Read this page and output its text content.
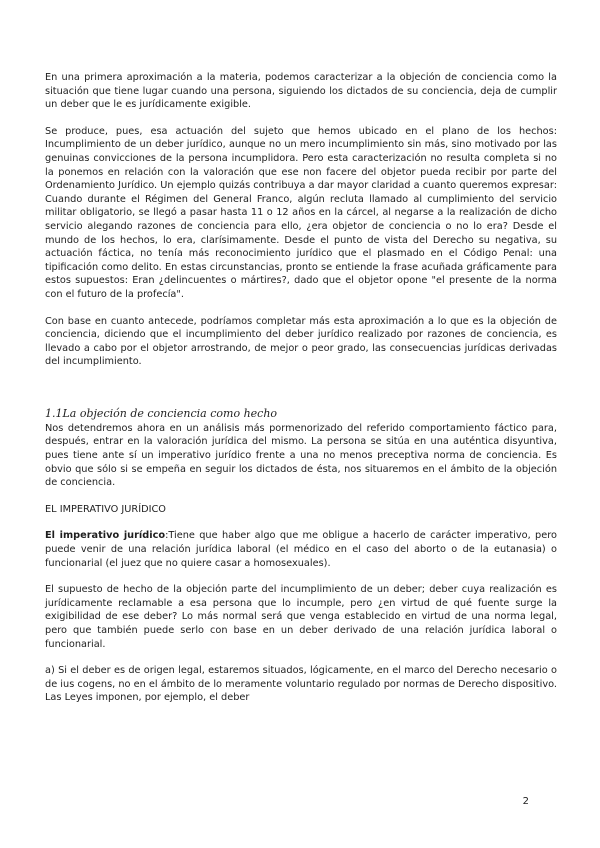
En una primera aproximación a la materia, podemos caracterizar a la objeción de conciencia como la situación que tiene lugar cuando una persona, siguiendo los dictados de su conciencia, deja de cumplir un deber que le es jurídicamente exigible.

Se produce, pues, esa actuación del sujeto que hemos ubicado en el plano de los hechos: Incumplimiento de un deber jurídico, aunque no un mero incumplimiento sin más, sino motivado por las genuinas convicciones de la persona incumplidora. Pero esta caracterización no resulta completa si no la ponemos en relación con la valoración que ese non facere del objetor pueda recibir por parte del Ordenamiento Jurídico. Un ejemplo quizás contribuya a dar mayor claridad a cuanto queremos expresar: Cuando durante el Régimen del General Franco, algún recluta llamado al cumplimiento del servicio militar obligatorio, se llegó a pasar hasta 11 o 12 años en la cárcel, al negarse a la realización de dicho servicio alegando razones de conciencia para ello, ¿era objetor de conciencia o no lo era? Desde el mundo de los hechos, lo era, clarísimamente. Desde el punto de vista del Derecho su negativa, su actuación fáctica, no tenía más reconocimiento jurídico que el plasmado en el Código Penal: una tipificación como delito. En estas circunstancias, pronto se entiende la frase acuñada gráficamente para estos supuestos: Eran ¿delincuentes o mártires?, dado que el objetor opone "el presente de la norma con el futuro de la profecía".

Con base en cuanto antecede, podríamos completar más esta aproximación a lo que es la objeción de conciencia, diciendo que el incumplimiento del deber jurídico realizado por razones de conciencia, es llevado a cabo por el objetor arrostrando, de mejor o peor grado, las consecuencias jurídicas derivadas del incumplimiento.

1.1La objeción de conciencia como hecho

Nos detendremos ahora en un análisis más pormenorizado del referido comportamiento fáctico para, después, entrar en la valoración jurídica del mismo. La persona se sitúa en una auténtica disyuntiva, pues tiene ante sí un imperativo jurídico frente a una no menos preceptiva norma de conciencia. Es obvio que sólo si se empeña en seguir los dictados de ésta, nos situaremos en el ámbito de la objeción de conciencia.

EL IMPERATIVO JURÍDICO

El imperativo jurídico:Tiene que haber algo que me obligue a hacerlo de carácter imperativo, pero puede venir de una relación jurídica laboral (el médico en el caso del aborto o de la eutanasia) o funcionarial (el juez que no quiere casar a homosexuales).

El supuesto de hecho de la objeción parte del incumplimiento de un deber; deber cuya realización es jurídicamente reclamable a esa persona que lo incumple, pero ¿en virtud de qué fuente surge la exigibilidad de ese deber? Lo más normal será que venga establecido en virtud de una norma legal, pero que también puede serlo con base en un deber derivado de una relación jurídica laboral o funcionarial.

a) Si el deber es de origen legal, estaremos situados, lógicamente, en el marco del Derecho necesario o de ius cogens, no en el ámbito de lo meramente voluntario regulado por normas de Derecho dispositivo. Las Leyes imponen, por ejemplo, el deber

2
